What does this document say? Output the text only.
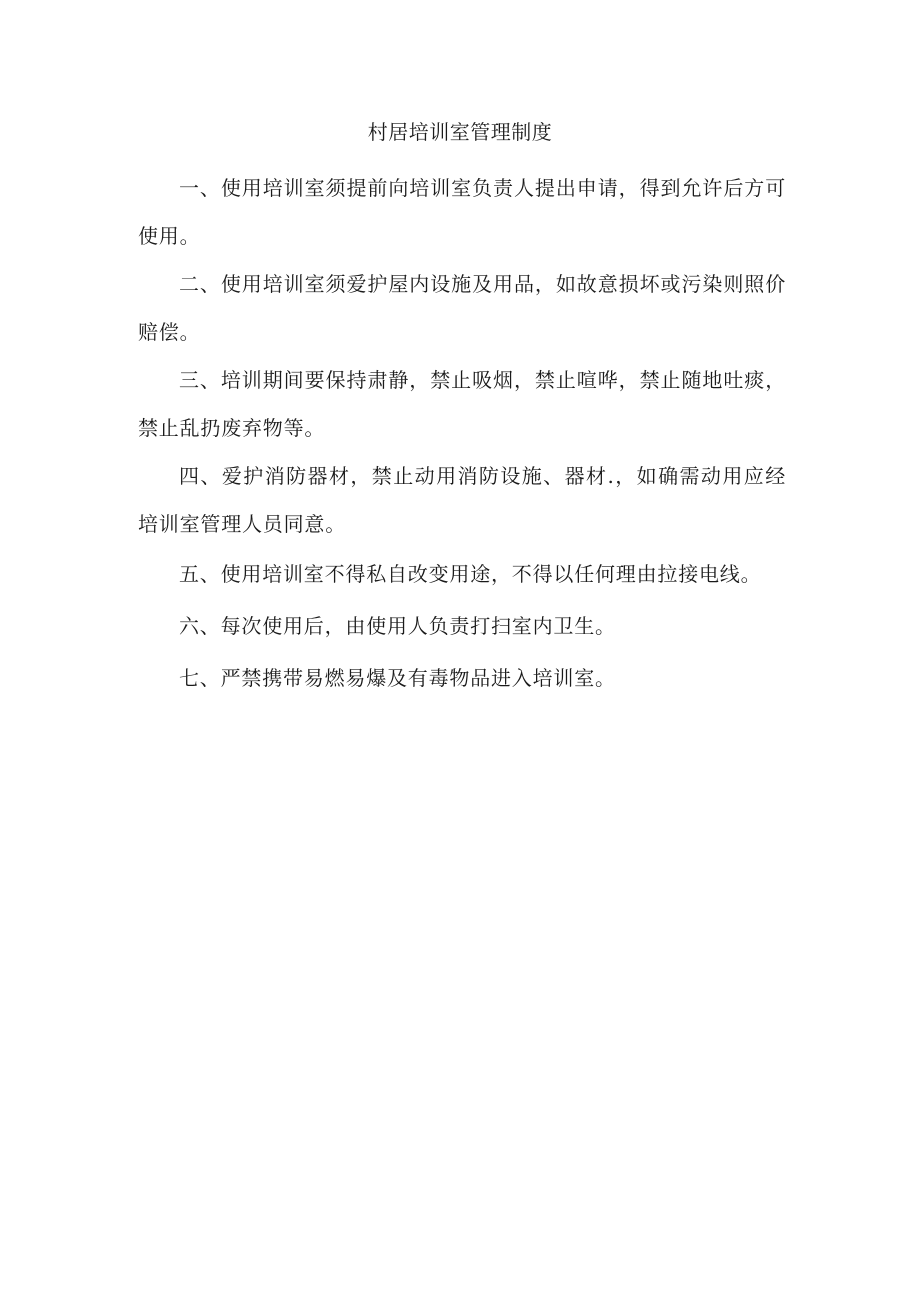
村居培训室管理制度

一、使用培训室须提前向培训室负责人提出申请，得到允许后方可使用。

二、使用培训室须爱护屋内设施及用品，如故意损坏或污染则照价赔偿。

三、培训期间要保持肃静，禁止吸烟，禁止喧哗，禁止随地吐痰，禁止乱扔废弃物等。

四、爱护消防器材，禁止动用消防设施、器材.，如确需动用应经培训室管理人员同意。

五、使用培训室不得私自改变用途，不得以任何理由拉接电线。

六、每次使用后，由使用人负责打扫室内卫生。

七、严禁携带易燃易爆及有毒物品进入培训室。
